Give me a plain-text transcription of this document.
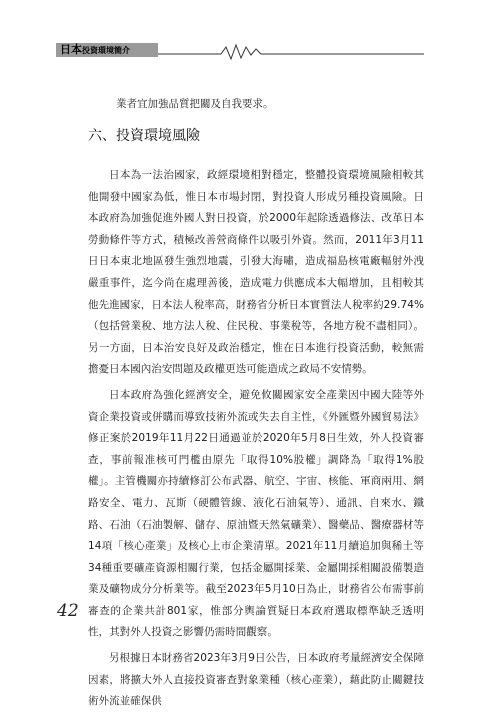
日本投資環境簡介

業者宜加強品質把關及自我要求。

六、投資環境風險

日本為一法治國家，政經環境相對穩定，整體投資環境風險相較其他開發中國家為低，惟日本市場封閉，對投資人形成另種投資風險。日本政府為加強促進外國人對日投資，於2000年起除透過修法、改革日本勞動條件等方式，積極改善營商條件以吸引外資。然而，2011年3月11日日本東北地區發生強烈地震，引發大海嘯，造成福島核電廠輻射外洩嚴重事件，迄今尚在處理善後，造成電力供應成本大幅增加，且相較其他先進國家，日本法人稅率高，財務省分析日本實質法人稅率約29.74%（包括營業稅、地方法人稅、住民稅、事業稅等，各地方稅不盡相同）。另一方面，日本治安良好及政治穩定，惟在日本進行投資活動，較無需擔憂日本國內治安問題及政權更迭可能造成之政局不安情勢。

日本政府為強化經濟安全，避免攸關國家安全產業因中國大陸等外資企業投資或併購而導致技術外流或失去自主性，《外匯暨外國貿易法》修正案於2019年11月22日通過並於2020年5月8日生效，外人投資審查，事前報准核可門檻由原先「取得10%股權」調降為「取得1%股權」。主管機關亦持續修訂公布武器、航空、宇宙、核能、軍商兩用、網路安全、電力、瓦斯（硬體管線、液化石油氣等）、通訊、自來水、鐵路、石油（石油製解、儲存、原油暨天然氣礦業）、醫藥品、醫療器材等14項「核心產業」及核心上市企業清單。2021年11月續追加與稀土等34種重要礦產資源相關行業，包括金屬開採業、金屬開採相關設備製造業及礦物成分分析業等。截至2023年5月10日為止，財務省公布需事前審查的企業共計801家，惟部分輿論質疑日本政府選取標準缺乏透明性，其對外人投資之影響仍需時間觀察。

另根據日本財務省2023年3月9日公告，日本政府考量經濟安全保障因素，將擴大外人直接投資審查對象業種（核心產業），藉此防止關鍵技術外流並確保供

42
